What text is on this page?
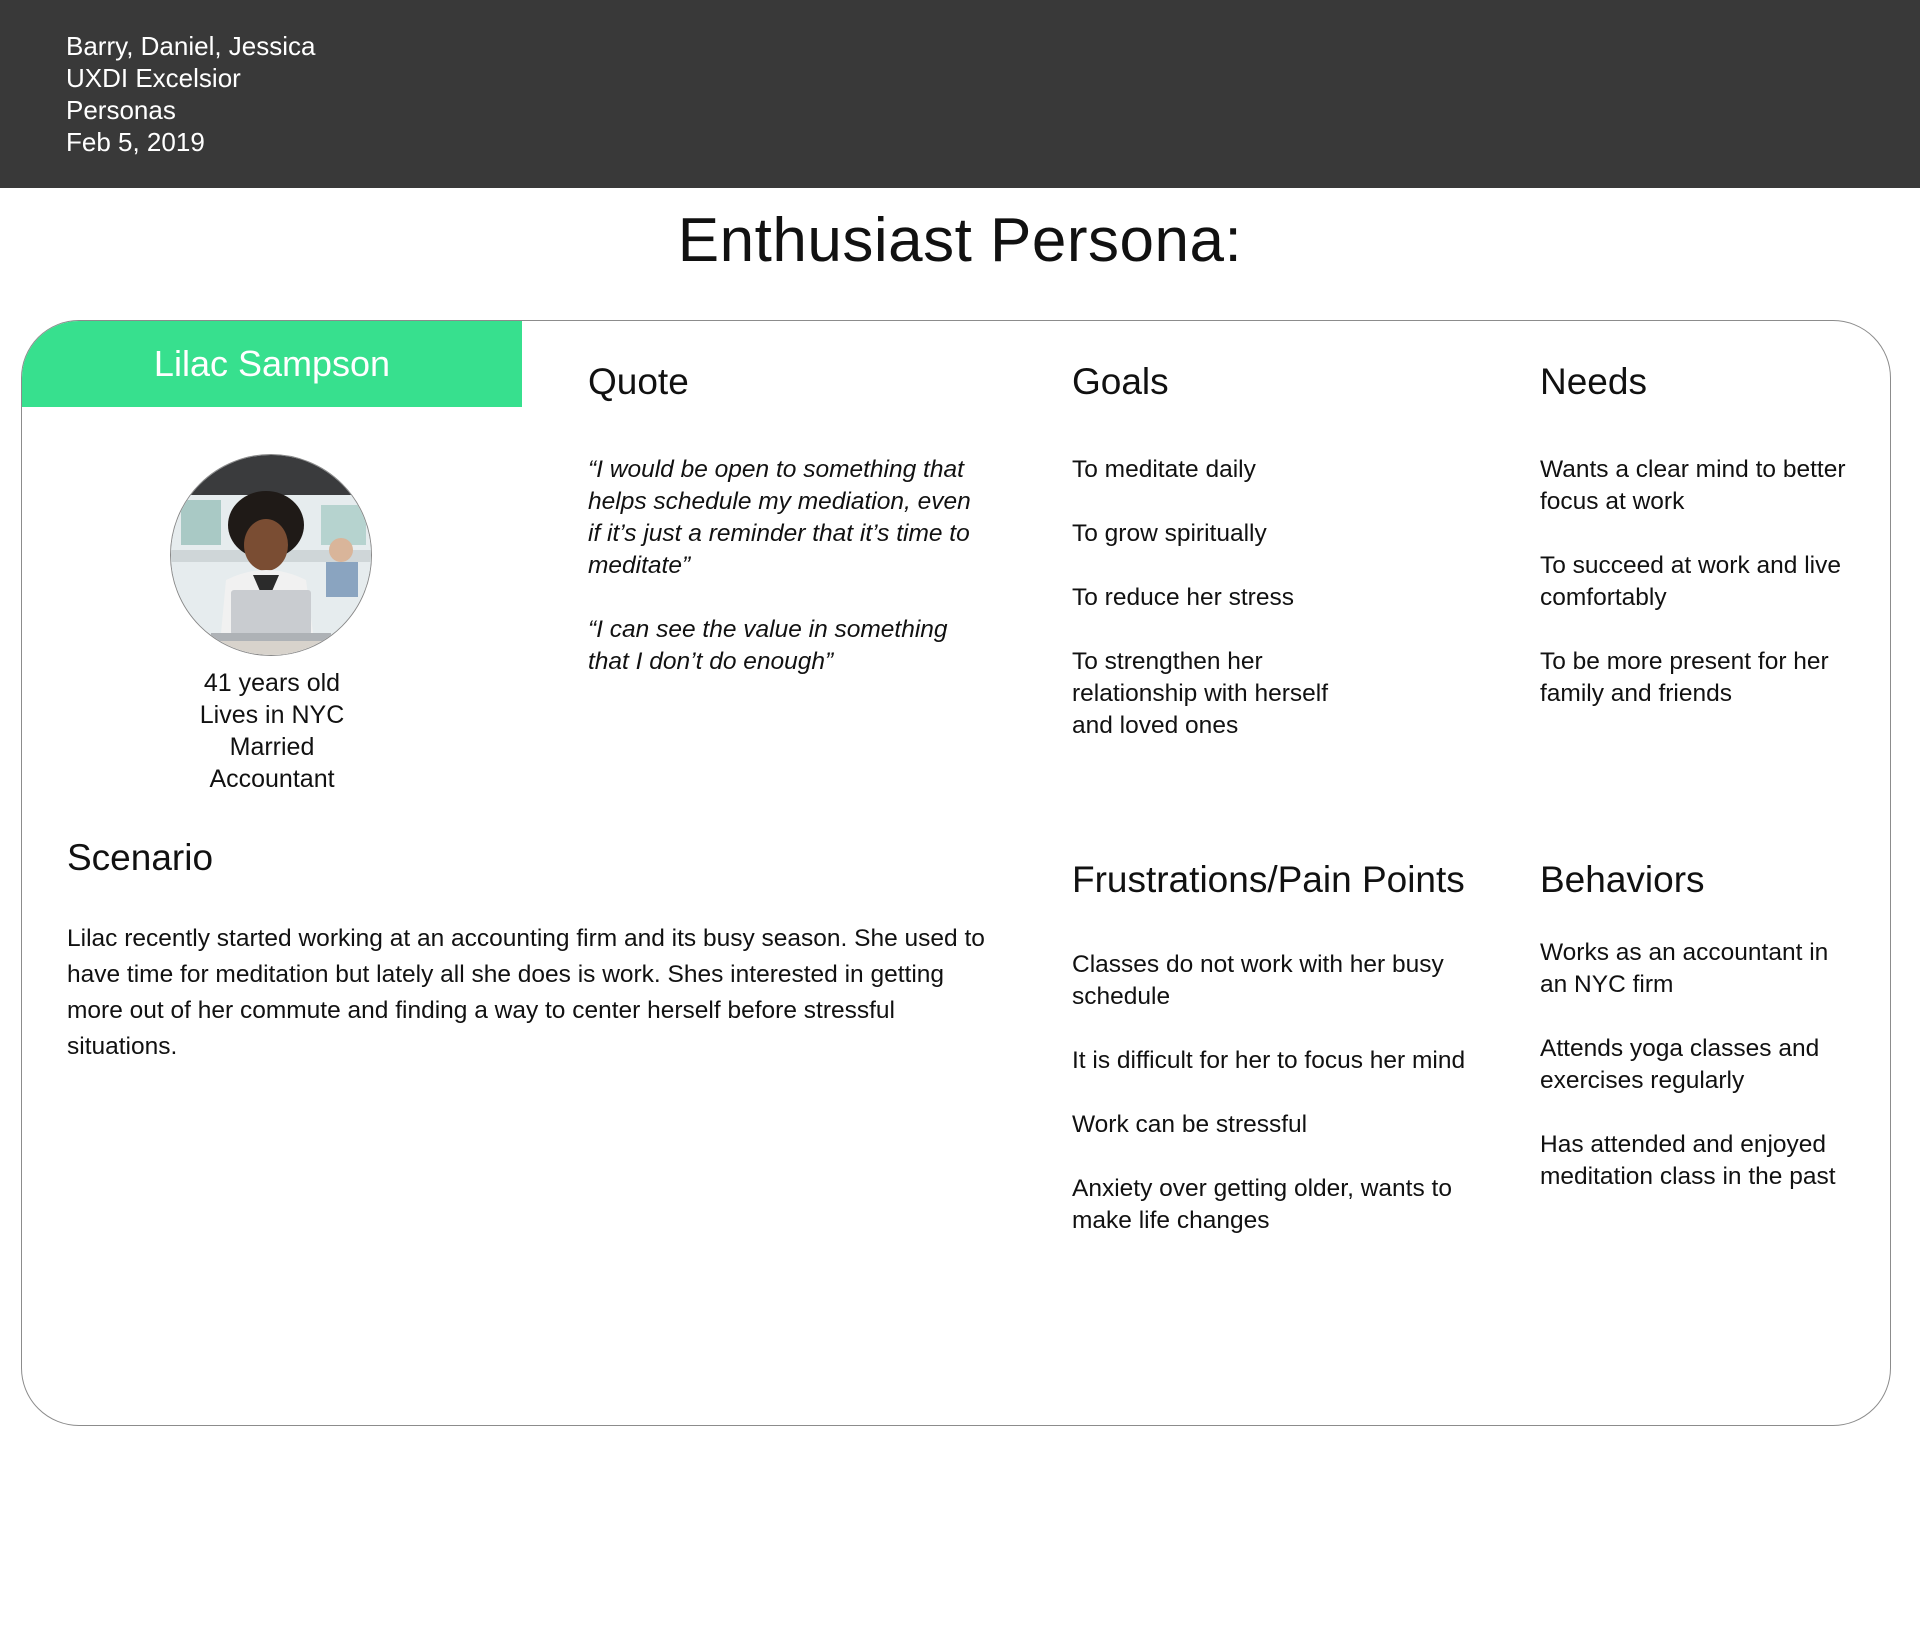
Barry, Daniel, Jessica
UXDI Excelsior
Personas
Feb 5, 2019
Enthusiast Persona:
Lilac Sampson
41 years old
Lives in NYC
Married
Accountant
Quote
“I would be open to something that helps schedule my mediation, even if it’s just a reminder that it’s time to meditate”
“I can see the value in something that I don’t do enough”
Goals
To meditate daily
To grow spiritually
To reduce her stress
To strengthen her relationship with herself and loved ones
Needs
Wants a clear mind to better focus at work
To succeed at work and live comfortably
To be more present for her family and friends
Scenario
Lilac recently started working at an accounting firm and its busy season. She used to have time for meditation but lately all she does is work. Shes interested in getting more out of her commute and finding a way to center herself before stressful situations.
Frustrations/Pain Points
Classes do not work with her busy schedule
It is difficult for her to focus her mind
Work can be stressful
Anxiety over getting older, wants to make life changes
Behaviors
Works as an accountant in an NYC firm
Attends yoga classes and exercises regularly
Has attended and enjoyed meditation class in the past
